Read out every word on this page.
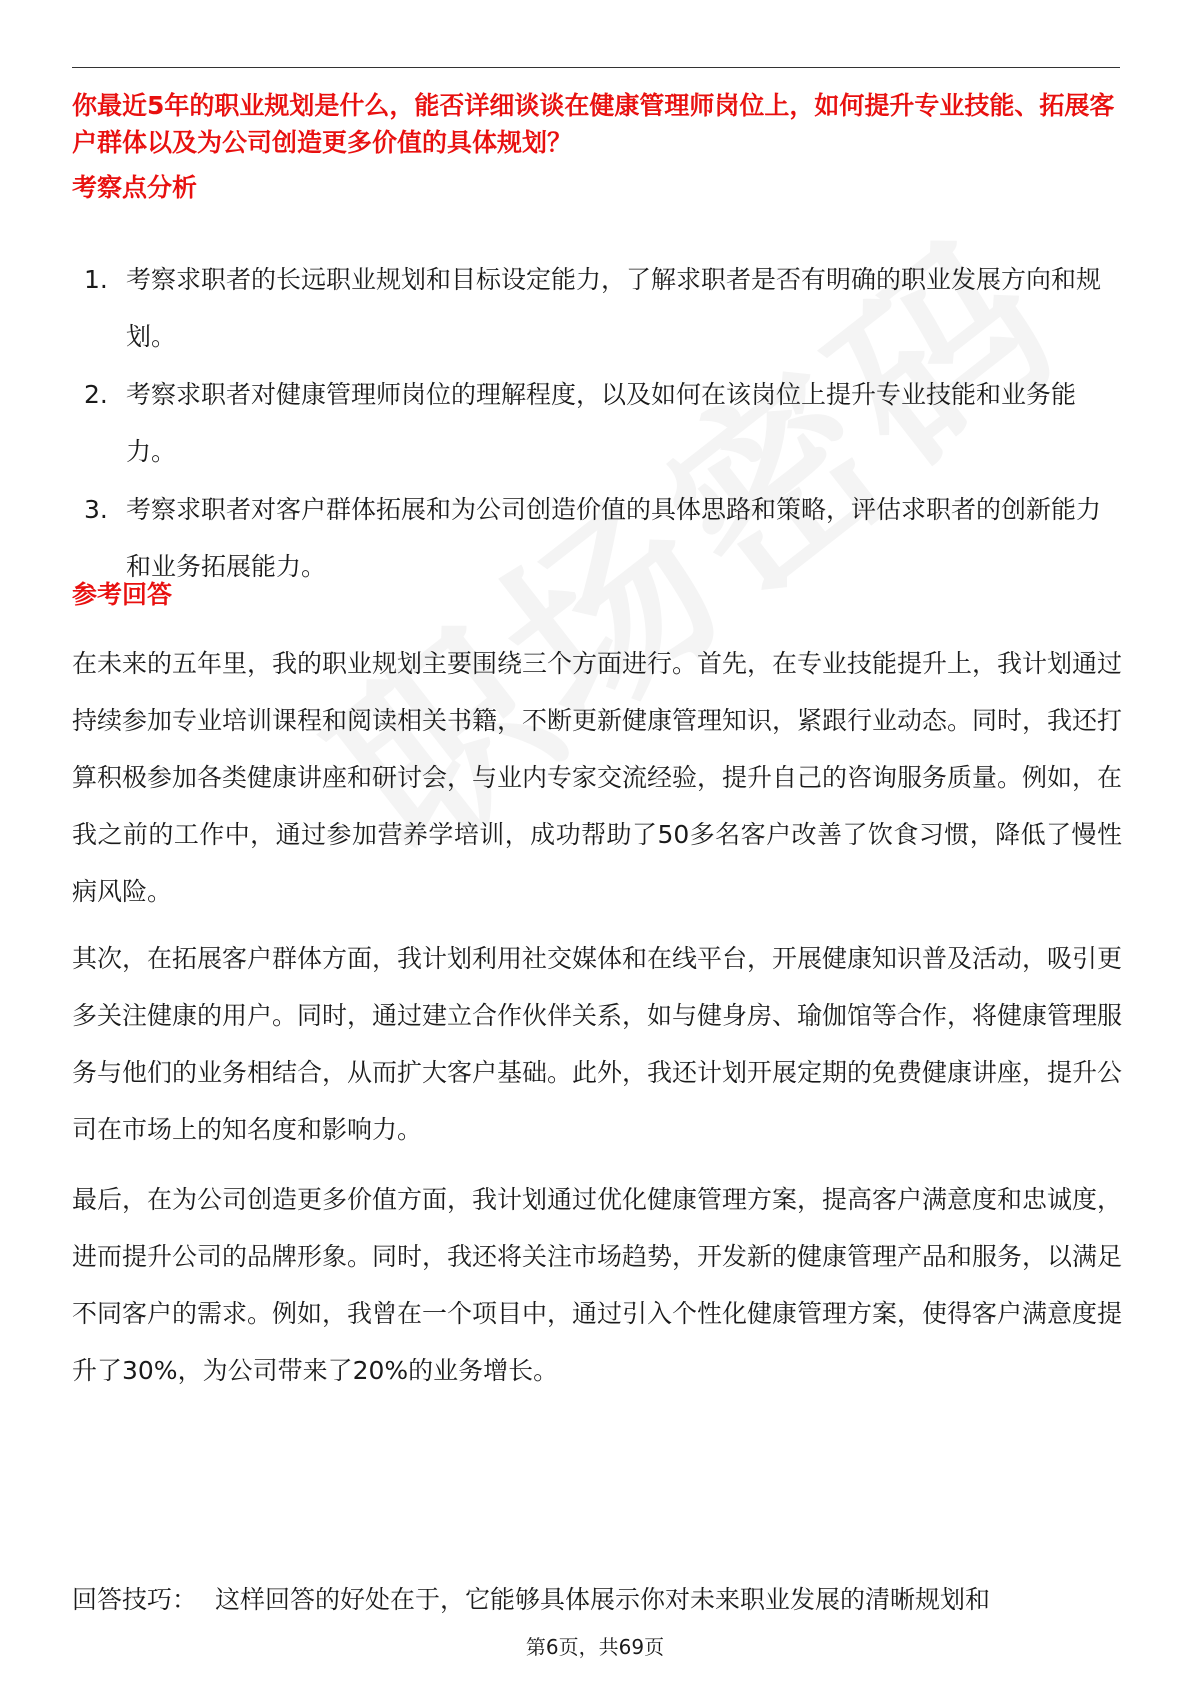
你最近5年的职业规划是什么，能否详细谈谈在健康管理师岗位上，如何提升专业技能、拓展客户群体以及为公司创造更多价值的具体规划？

考察点分析
1. 考察求职者的长远职业规划和目标设定能力，了解求职者是否有明确的职业发展方向和规划。
2. 考察求职者对健康管理师岗位的理解程度，以及如何在该岗位上提升专业技能和业务能力。
3. 考察求职者对客户群体拓展和为公司创造价值的具体思路和策略，评估求职者的创新能力和业务拓展能力。
参考回答

在未来的五年里，我的职业规划主要围绕三个方面进行。首先，在专业技能提升上，我计划通过持续参加专业培训课程和阅读相关书籍，不断更新健康管理知识，紧跟行业动态。同时，我还打算积极参加各类健康讲座和研讨会，与业内专家交流经验，提升自己的咨询服务质量。例如，在我之前的工作中，通过参加营养学培训，成功帮助了50多名客户改善了饮食习惯，降低了慢性病风险。

其次，在拓展客户群体方面，我计划利用社交媒体和在线平台，开展健康知识普及活动，吸引更多关注健康的用户。同时，通过建立合作伙伴关系，如与健身房、瑜伽馆等合作，将健康管理服务与他们的业务相结合，从而扩大客户基础。此外，我还计划开展定期的免费健康讲座，提升公司在市场上的知名度和影响力。

最后，在为公司创造更多价值方面，我计划通过优化健康管理方案，提高客户满意度和忠诚度，进而提升公司的品牌形象。同时，我还将关注市场趋势，开发新的健康管理产品和服务，以满足不同客户的需求。例如，我曾在一个项目中，通过引入个性化健康管理方案，使得客户满意度提升了30%，为公司带来了20%的业务增长。

回答技巧： 这样回答的好处在于，它能够具体展示你对未来职业发展的清晰规划和

第6页，共69页
